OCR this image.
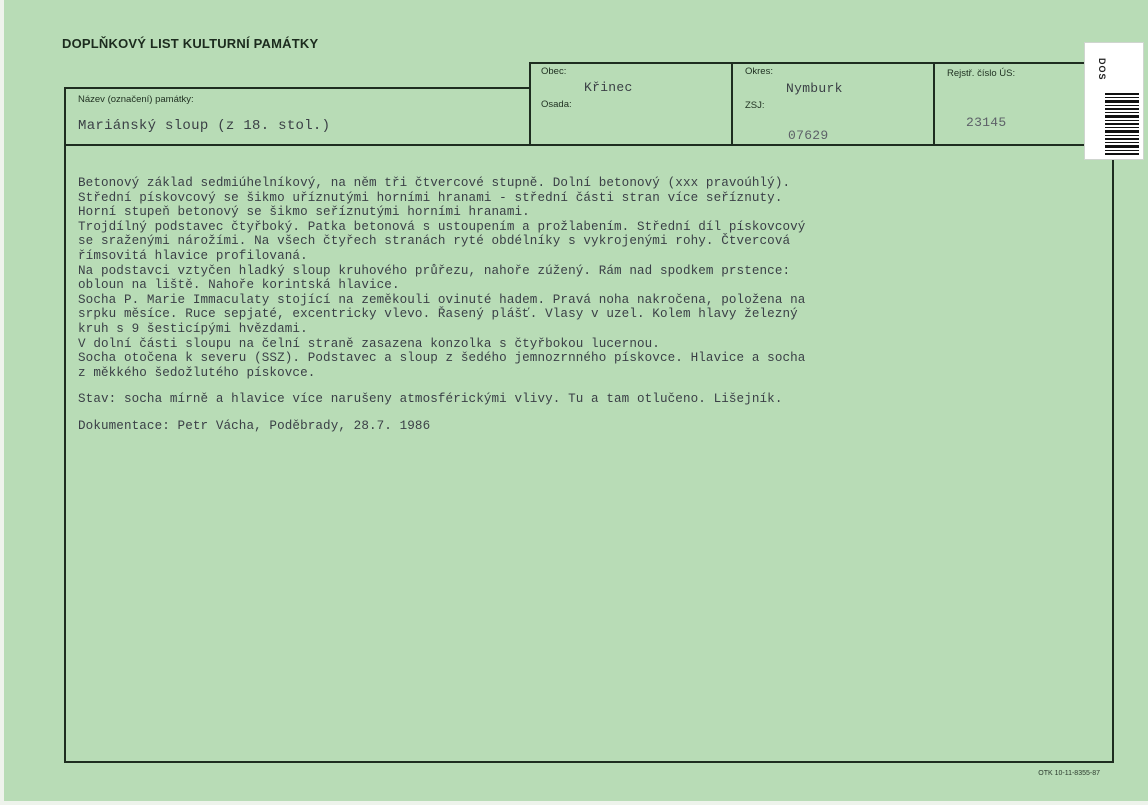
DOPLŇKOVÝ LIST KULTURNÍ PAMÁTKY
Název (označení) památky:
Obec:
Osada:
Okres:
ZSJ:
Rejstř. číslo ÚS:
Mariánský sloup (z 18. stol.)
Křinec	Nymburk
07629
23145
Betonový základ sedmiúhelníkový, na něm tři čtvercové stupně. Dolní betonový (xxx pravoúhlý).
Střední pískovcový se šikmo uříznutými horními hranami - střední části stran více seříznuty.
Horní stupeň betonový se šikmo seříznutými horními hranami.
Trojdílný podstavec čtyřboký. Patka betonová s ustoupením a prožlabením. Střední díl pískovcový
se sraženými nárožími. Na všech čtyřech stranách ryté obdélníky s vykrojenými rohy. Čtvercová
římsovitá hlavice profilovaná.
Na podstavci vztyčen hladký sloup kruhového průřezu, nahoře zúžený. Rám nad spodkem prstence:
obloun na liště. Nahoře korintská hlavice.
Socha P. Marie Immaculaty stojící na zeměkouli ovinuté hadem. Pravá noha nakročena, položena na
srpku měsíce. Ruce sepjaté, excentricky vlevo. Řasený plášť. Vlasy v uzel. Kolem hlavy železný
kruh s 9 šesticípými hvězdami.
V dolní části sloupu na čelní straně zasazena konzolka s čtyřbokou lucernou.
Socha otočena k severu (SSZ). Podstavec a sloup z šedého jemnozrnného pískovce. Hlavice a socha
z měkkého šedožlutého pískovce.
Stav: socha mírně a hlavice více narušeny atmosférickými vlivy. Tu a tam otlučeno. Lišejník.
Dokumentace: Petr Vácha, Poděbrady, 28.7. 1986
DOS
OTK 10-11-8355-87
